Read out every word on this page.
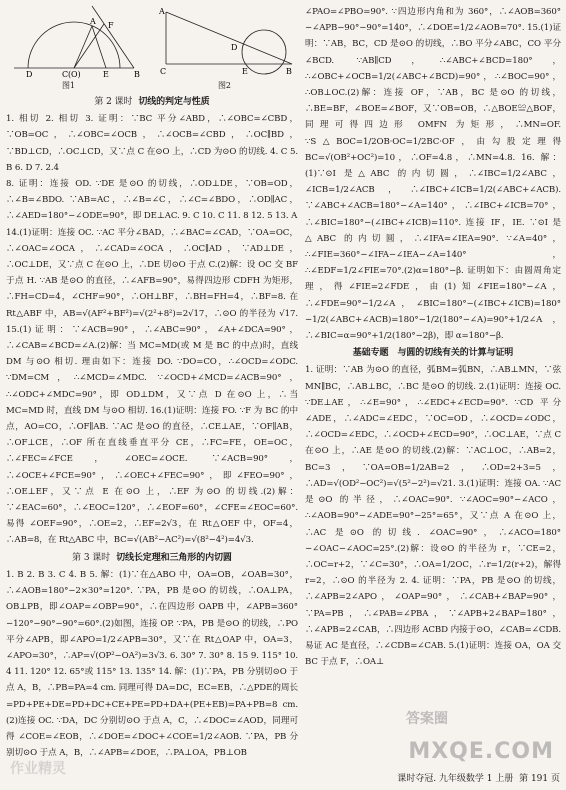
A F
D	C(O)	E	B
A
C	B
D
E
图1	图2
第 2 课时 切线的判定与性质

1. 相切 2. 相切 3. 证明：∵BC 平分∠ABD，∴∠OBC=∠CBD，∵OB=OC，∴∠OBC=∠OCB，∴∠OCB=∠CBD，∴OC∥BD，∵BD⊥CD，∴OC⊥CD，又∵点 C 在⊙O 上，∴CD 为⊙O 的切线. 4. C 5. B 6. D 7. 2.4

8. 证明：连接 OD. ∵DE 是⊙O 的切线，∴OD⊥DE，∵OB=OD，∴∠B=∠BDO. ∵AB=AC，∴∠B=∠C，∴∠C=∠BDO，∴OD∥AC，∴∠AED=180°−∠ODE=90°，即 DE⊥AC. 9. C 10. C 11. 8 12. 5 13. A

14.(1)证明：连接 OC. ∵AC 平分∠BAD，∴∠BAC=∠CAD，∵OA=OC，∴∠OAC=∠OCA，∴∠CAD=∠OCA，∴OC∥AD，∵AD⊥DE，∴OC⊥DE，又∵点 C 在⊙O 上，∴DE 切⊙O 于点 C.(2)解：设 OC 交 BF 于点 H. ∵AB 是⊙O 的直径，∴∠AFB=90°，易得四边形 CDFH 为矩形，∴FH=CD=4，∠CHF=90°，∴OH⊥BF，∴BH=FH=4，∴BF=8. 在 Rt△ABF 中，AB=√(AF²+BF²)=√(2²+8²)=2√17，∴⊙O 的半径为 √17. 15.(1)证明：∵∠ACB=90°，∴∠ABC=90°，∠A+∠DCA=90°，∴∠CAB=∠BCD=∠A.(2)解：当 MC=MD(或 M 是 BC 的中点)时，直线 DM 与⊙O 相切. 理由如下：连接 DO. ∵DO=CO，∴∠OCD=∠ODC. ∵DM=CM，∴∠MCD=∠MDC. ∵∠OCD+∠MCD=∠ACB=90°，∴∠ODC+∠MDC=90°，即 OD⊥DM，又∵点 D 在⊙O 上，∴当 MC=MD 时，直线 DM 与⊙O 相切. 16.(1)证明：连接 FO. ∵F 为 BC 的中点，AO=CO，∴OF∥AB. ∵AC 是⊙O 的直径，∴CE⊥AE，∵OF∥AB，∴OF⊥CE，∴OF 所在直线垂直平分 CE，∴FC=FE，OE=OC，∴∠FEC=∠FCE，∠OEC=∠OCE. ∵∠ACB=90°，∴∠OCE+∠FCE=90°，∴∠OEC+∠FEC=90°，即∠FEO=90°，∴OE⊥EF，又∵点 E 在⊙O 上，∴EF 为⊙O 的切线.(2)解：∵∠EAC=60°，∴∠EOC=120°，∴∠EOF=60°，∠CFE=∠EOC=60°. 易得 ∠OEF=90°，∴OE=2，∴EF=2√3，在 Rt△OEF 中，OF=4，∴AB=8，在 Rt△ABC 中，BC=√(AB²−AC²)=√(8²−4²)=4√3.

第 3 课时 切线长定理和三角形的内切圆

1. B 2. B 3. C 4. B 5. 解：(1)∵在△ABO 中，OA=OB，∠OAB=30°，∴∠AOB=180°−2×30°=120°. ∵PA，PB 是⊙O 的切线，∴OA⊥PA，OB⊥PB，即∠OAP=∠OBP=90°，∴在四边形 OAPB 中，∠APB=360°−120°−90°−90°=60°.(2)如图，连接 OP. ∵PA，PB 是⊙O 的切线，∴PO 平分∠APB，即∠APO=1/2∠APB=30°，又∵在 Rt△OAP 中，OA=3，∠APO=30°，∴AP=√(OP²−OA²)=3√3. 6. 30° 7. 30° 8. 15 9. 115° 10. 4 11. 120° 12. 65°或 115° 13. 135° 14. 解：(1)∵PA，PB 分别切⊙O 于点 A，B，∴PB=PA=4 cm. 同理可得 DA=DC，EC=EB，∴△PDE的周长=PD+PE+DE=PD+DC+CE+PE=PD+DA+(PE+EB)=PA+PB=8 cm.(2)连接 OC. ∵DA，DC 分别切⊙O 于点 A，C，∴∠DOC=∠AOD，同理可得 ∠COE=∠EOB，∴∠DOE=∠DOC+∠COE=1/2∠AOB. ∵PA，PB 分别切⊙O 于点 A，B，∴∠APB=∠DOE，∴PA⊥OA，PB⊥OB

∠PAO=∠PBO=90°. ∵四边形内角和为 360°，∴∠AOB=360°−∠APB−90°−90°=140°，∴∠DOE=1/2∠AOB=70°. 15.(1)证明：∵AB，BC，CD 是⊙O 的切线，∴BO 平分∠ABC，CO 平分∠BCD. ∵AB∥CD，∴∠ABC+∠BCD=180°，∴∠OBC+∠OCB=1/2(∠ABC+∠BCD)=90°，∴∠BOC=90°，∴OB⊥OC.(2)解：连接 OF，∵AB，BC 是⊙O 的切线，∴BE=BF，∠BOE=∠BOF，又∵OB=OB，∴△BOE≌△BOF，同理可得四边形 OMFN 为矩形，∴MN=OF. ∵S△BOC=1/2OB·OC=1/2BC·OF，由勾股定理得 BC=√(OB²+OC²)=10，∴OF=4.8，∴MN=4.8. 16. 解：(1)∵⊙I 是△ABC 的内切圆，∴∠IBC=1/2∠ABC，∠ICB=1/2∠ACB，∴∠IBC+∠ICB=1/2(∠ABC+∠ACB). ∵∠ABC+∠ACB=180°−∠A=140°，∴∠IBC+∠ICB=70°，∴∠BIC=180°−(∠IBC+∠ICB)=110°. 连接 IF，IE. ∵⊙I 是△ABC 的内切圆，∴∠IFA=∠IEA=90°. ∵∠A=40°，∴∠FIE=360°−∠IFA−∠IEA−∠A=140°，∴∠EDF=1/2∠FIE=70°.(2)α=180°−β. 证明如下：由圆周角定理，得∠FIE=2∠FDE，由(1)知∠FIE=180°−∠A，∴∠FDE=90°−1/2∠A，∠BIC=180°−(∠IBC+∠ICB)=180°−1/2(∠ABC+∠ACB)=180°−1/2(180°−∠A)=90°+1/2∠A，∴∠BIC=α=90°+1/2(180°−2β)，即 α=180°−β.

基础专题 与圆的切线有关的计算与证明

1. 证明：∵AB 为⊙O 的直径，弧BM=弧BN，∴AB⊥MN，∵弦 MN∥BC，∴AB⊥BC，∴BC 是⊙O 的切线. 2.(1)证明：连接 OC. ∵DE⊥AE，∴∠E=90°，∴∠EDC+∠ECD=90°. ∵CD 平分∠ADE，∴∠ADC=∠EDC，∵OC=OD，∴∠OCD=∠ODC，∴∠OCD=∠EDC，∴∠OCD+∠ECD=90°，∴OC⊥AE，∵点 C 在⊙O 上，∴AE 是⊙O 的切线.(2)解：∵AC⊥OC，∴AB=2，BC=3，∵OA=OB=1/2AB=2，∴OD=2+3=5，∴AD=√(OD²−OC²)=√(5²−2²)=√21. 3.(1)证明：连接 OA. ∵AC 是⊙O 的半径，∴∠OAC=90°. ∵∠AOC=90°−∠ACO，∴∠AOB=90°−∠ADE=90°−25°=65°，又∵点 A 在⊙O 上，∴AC 是⊙O 的切线. ∠OAC=90°，∴∠ACO=180°−∠OAC−∠AOC=25°.(2)解：设⊙O 的半径为 r，∵CE=2，∴OC=r+2，∵∠C=30°，∴OA=1/2OC，∴r=1/2(r+2)，解得 r=2，∴⊙O 的半径为 2. 4. 证明：∵PA，PB 是⊙O 的切线，∴∠APB=2∠APO，∠OAP=90°，∴∠CAB+∠BAP=90°，∵PA=PB，∴∠PAB=∠PBA，∵∠APB+2∠BAP=180°，∴∠APB=2∠CAB，∴四边形 ACBD 内接于⊙O，∠CAB=∠CDB. 易证 AC 是直径，∴∠CDB=∠CAB. 5.(1)证明：连接 OA，OA 交 BC 于点 F，∴OA⊥

作业精灵
答案圈
MXQE.COM
课时夺冠. 九年级数学 1 上册 第 191 页
